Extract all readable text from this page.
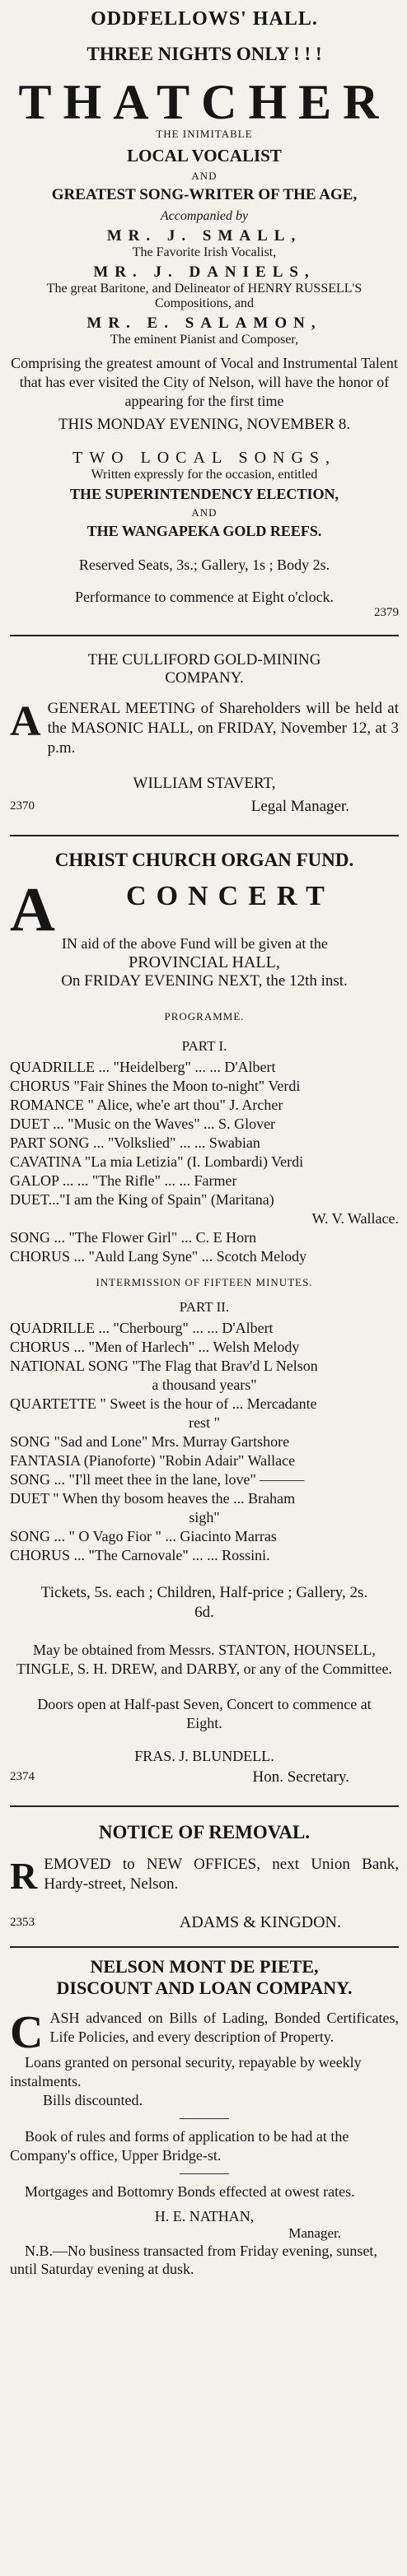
ODDFELLOWS' HALL.
THREE NIGHTS ONLY ! ! !
THATCHER
THE INIMITABLE
LOCAL VOCALIST
AND
GREATEST SONG-WRITER OF THE AGE,
Accompanied by
MR. J. SMALL,
The Favorite Irish Vocalist,
MR. J. DANIELS,
The great Baritone, and Delineator of HENRY RUSSELL'S Compositions, and
MR. E. SALAMON,
The eminent Pianist and Composer,
Comprising the greatest amount of Vocal and Instrumental Talent that has ever visited the City of Nelson, will have the honor of appearing for the first time
THIS MONDAY EVENING, NOVEMBER 8.
TWO LOCAL SONGS,
Written expressly for the occasion, entitled
THE SUPERINTENDENCY ELECTION,
AND
THE WANGAPEKA GOLD REEFS.
Reserved Seats, 3s.; Gallery, 1s ; Body 2s.
Performance to commence at Eight o'clock.
2379
THE CULLIFORD GOLD-MINING
COMPANY.
A GENERAL MEETING of Shareholders will be held at the MASONIC HALL, on FRIDAY, November 12, at 3 p.m.
WILLIAM STAVERT,
2370	Legal Manager.
CHRIST CHURCH ORGAN FUND.
A	CONCERT
IN aid of the above Fund will be given at the
PROVINCIAL HALL,
On FRIDAY EVENING NEXT, the 12th inst.
PROGRAMME.
PART I.
QUADRILLE ... "Heidelberg" ... ... D'Albert
CHORUS "Fair Shines the Moon to-night" Verdi
ROMANCE " Alice, whe'e art thou" J. Archer
DUET ... "Music on the Waves" ... S. Glover
PART SONG ... "Volkslied" ... ... Swabian
CAVATINA "La mia Letizia" (I. Lombardi) Verdi
GALOP ... ... "The Rifle" ... ... Farmer
DUET..."I am the King of Spain" (Maritana)
W. V. Wallace.
SONG ... "The Flower Girl" ... C. E Horn
CHORUS ... "Auld Lang Syne" ... Scotch Melody
INTERMISSION OF FIFTEEN MINUTES.
PART II.
QUADRILLE ... "Cherbourg" ... ... D'Albert
CHORUS ... "Men of Harlech" ... Welsh Melody
NATIONAL SONG "The Flag that Brav'd L Nelson
a thousand years"
QUARTETTE " Sweet is the hour of ... Mercadante
rest "
SONG "Sad and Lone" Mrs. Murray Gartshore
FANTASIA (Pianoforte) "Robin Adair" Wallace
SONG ... "I'll meet thee in the lane, love" ———
DUET " When thy bosom heaves the ... Braham
sigh"
SONG ... " O Vago Fior " ... Giacinto Marras
CHORUS ... "The Carnovale" ... ... Rossini.
Tickets, 5s. each ; Children, Half-price ; Gallery, 2s. 6d.
May be obtained from Messrs. STANTON, HOUNSELL, TINGLE, S. H. DREW, and DARBY, or any of the Committee.
Doors open at Half-past Seven, Concert to commence at Eight.
FRAS. J. BLUNDELL.
2374	Hon. Secretary.
NOTICE OF REMOVAL.
R EMOVED to NEW OFFICES, next Union Bank, Hardy-street, Nelson.
2353	ADAMS & KINGDON.
NELSON MONT DE PIETE,
DISCOUNT AND LOAN COMPANY.
C ASH advanced on Bills of Lading, Bonded Certificates, Life Policies, and every description of Property.
Loans granted on personal security, repayable by weekly instalments.
Bills discounted.
Book of rules and forms of application to be had at the Company's office, Upper Bridge-st.
Mortgages and Bottomry Bonds effected at owest rates.
H. E. NATHAN,
Manager.
N.B.—No business transacted from Friday evening, sunset, until Saturday evening at dusk.
